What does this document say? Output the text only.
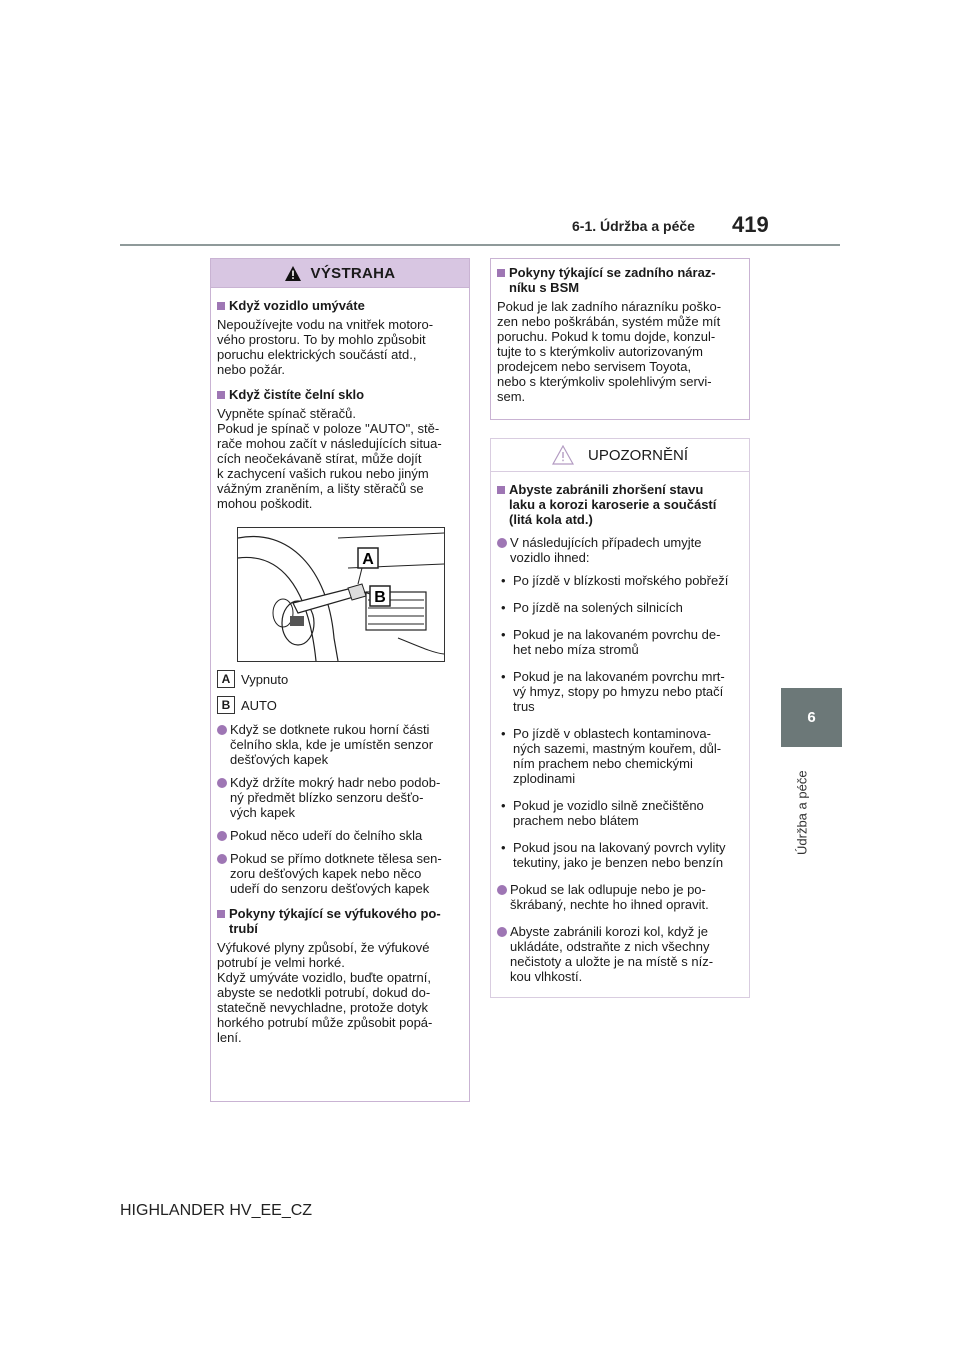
6-1. Údržba a péče 419
6
Údržba a péče
VÝSTRAHA
Když vozidlo umýváte
Nepoužívejte vodu na vnitřek motoro-
vého prostoru. To by mohlo způsobit
poruchu elektrických součástí atd.,
nebo požár.
Když čistíte čelní sklo
Vypněte spínač stěračů.
Pokud je spínač v poloze "AUTO", stě-
rače mohou začít v následujících situa-
cích neočekávaně stírat, může dojít
k zachycení vašich rukou nebo jiným
vážným zraněním, a lišty stěračů se
mohou poškodit.
A
B
A Vypnuto
B AUTO
Když se dotknete rukou horní části
čelního skla, kde je umístěn senzor
dešťových kapek
Když držíte mokrý hadr nebo podob-
ný předmět blízko senzoru dešťo-
vých kapek
Pokud něco udeří do čelního skla
Pokud se přímo dotknete tělesa sen-
zoru dešťových kapek nebo něco
udeří do senzoru dešťových kapek
Pokyny týkající se výfukového po-
trubí
Výfukové plyny způsobí, že výfukové
potrubí je velmi horké.
Když umýváte vozidlo, buďte opatrní,
abyste se nedotkli potrubí, dokud do-
statečně nevychladne, protože dotyk
horkého potrubí může způsobit popá-
lení.
Pokyny týkající se zadního náraz-
níku s BSM
Pokud je lak zadního nárazníku pоško-
zen nebo poškrábán, systém může mít
poruchu. Pokud k tomu dojde, konzul-
tujte to s kterýmkoliv autorizovaným
prodejcem nebo servisem Toyota,
nebo s kterýmkoliv spolehlivým servi-
sem.
UPOZORNĚNÍ
Abyste zabránili zhoršení stavu
laku a korozi karoserie a součástí
(litá kola atd.)
V následujících případech umyjte
vozidlo ihned:
• Po jízdě v blízkosti mořského pobřeží
• Po jízdě na solených silnicích
• Pokud je na lakovaném povrchu de-
het nebo míza stromů
• Pokud je na lakovaném povrchu mrt-
vý hmyz, stopy po hmyzu nebo ptačí
trus
• Po jízdě v oblastech kontaminova-
ných sazemi, mastným kouřem, důl-
ním prachem nebo chemickými
zplodinami
• Pokud je vozidlo silně znečištěno
prachem nebo blátem
• Pokud jsou na lakovaný povrch vylity
tekutiny, jako je benzen nebo benzín
Pokud se lak odlupuje nebo je po-
škrábaný, nechte ho ihned opravit.
Abyste zabránili korozi kol, když je
ukládáte, odstraňte z nich všechny
nečistoty a uložte je na místě s níz-
kou vlhkostí.
HIGHLANDER HV_EE_CZ
